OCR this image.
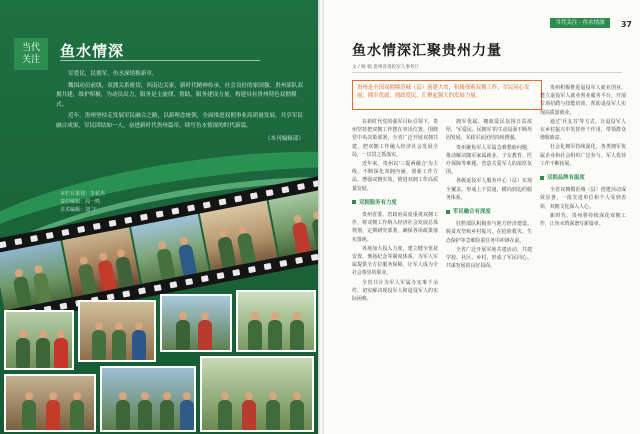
当代
关注	鱼水情深

军爱民，民拥军，鱼水深情换新章。

魏国动员前线，双拥关系密切，西南边关家，新时代精神传承，社会良好的家国强。贵州部队双拥共建，维护积极，为动员出力，服务是主旋律，帮助，服务建设力量，构建具有贵州特色双拥模式。

近年，贵州坚持走发展军民融合之路，以新理念统领，全面推进双拥事业高质量发展，共享军民融合成果，军民团结如一人，奋进新时代贵州篇章，续写鱼水情深的时代新篇。

（本刊编辑部）

本栏目策划：李花杰
责任编辑：周一鸣
美术编辑：刘 宁
当代关注 · 鱼水情深	37
鱼水情深汇聚贵州力量
文 / 杨 娟 贵州省退役军人事务厅
贵州是全国双拥模范城（县）创建大省，积极探索双拥工作，军民同心发展，拥军优属，拥政爱民，汇聚起强大的发展力量。

在新时代党的强军目标引领下，贵州坚持把双拥工作摆在突出位置。围绕党中央决策部署，全省广泛开展双拥共建，把双拥工作融入经济社会发展全局，一以贯之抓落实。

近年来，贵州以'三提两融合'为主线，不断深化双拥内涵，创新工作方法，增强双拥实效，推进双拥工作高质量发展。

双拥服务有力度

贵州省委、省政府高度重视双拥工作，将双拥工作纳入经济社会发展总体规划，定期研究部署，确保各项政策落实落地。

各地加大投入力度，建立健全优抚安置、褒扬纪念等制度体系，为军人军属提供全方位服务保障，让军人成为全社会尊崇的职业。

全省共计为军人军属办实事千余件，切实解决现役军人和退役军人的实际困难。

拥军优属、拥政爱民氛围日益浓厚，'军爱民、民拥军'的生动局面不断巩固发展，军政军民团结持续增强。

贵州聚焦军人军属急难愁盼问题，推动解决随军家属就业、子女教育、医疗保障等难题，营造关爱军人的浓厚氛围。

各级退役军人服务中心（站）实现全覆盖，形成上下贯通、横向到边的服务体系。

军民融合有深度

驻黔部队积极参与地方经济建设、脱贫攻坚和乡村振兴，在抢险救灾、生态保护等急难险重任务中冲锋在前。

全省广泛开展军地共建活动，共建学校、社区、乡村，形成了军民同心、共谋发展的良好局面。

贵州积极推进退役军人就业创业，建立退役军人就业创业服务平台，开展专项招聘与技能培训，帮助退役军人实现高质量就业。

通过'兵支书'等方式，让退役军人在乡村振兴中发挥骨干作用，带领群众增收致富。

社会化拥军持续深化，各类拥军优属企业和社会组织广泛参与，军人优待工作不断拓展。

双拥品牌有温度

全省双拥模范城（县）创建活动成效显著，一批先进单位和个人受到表彰，双拥文化深入人心。

新时代，贵州将持续深化双拥工作，让鱼水情深谱写新篇章。
